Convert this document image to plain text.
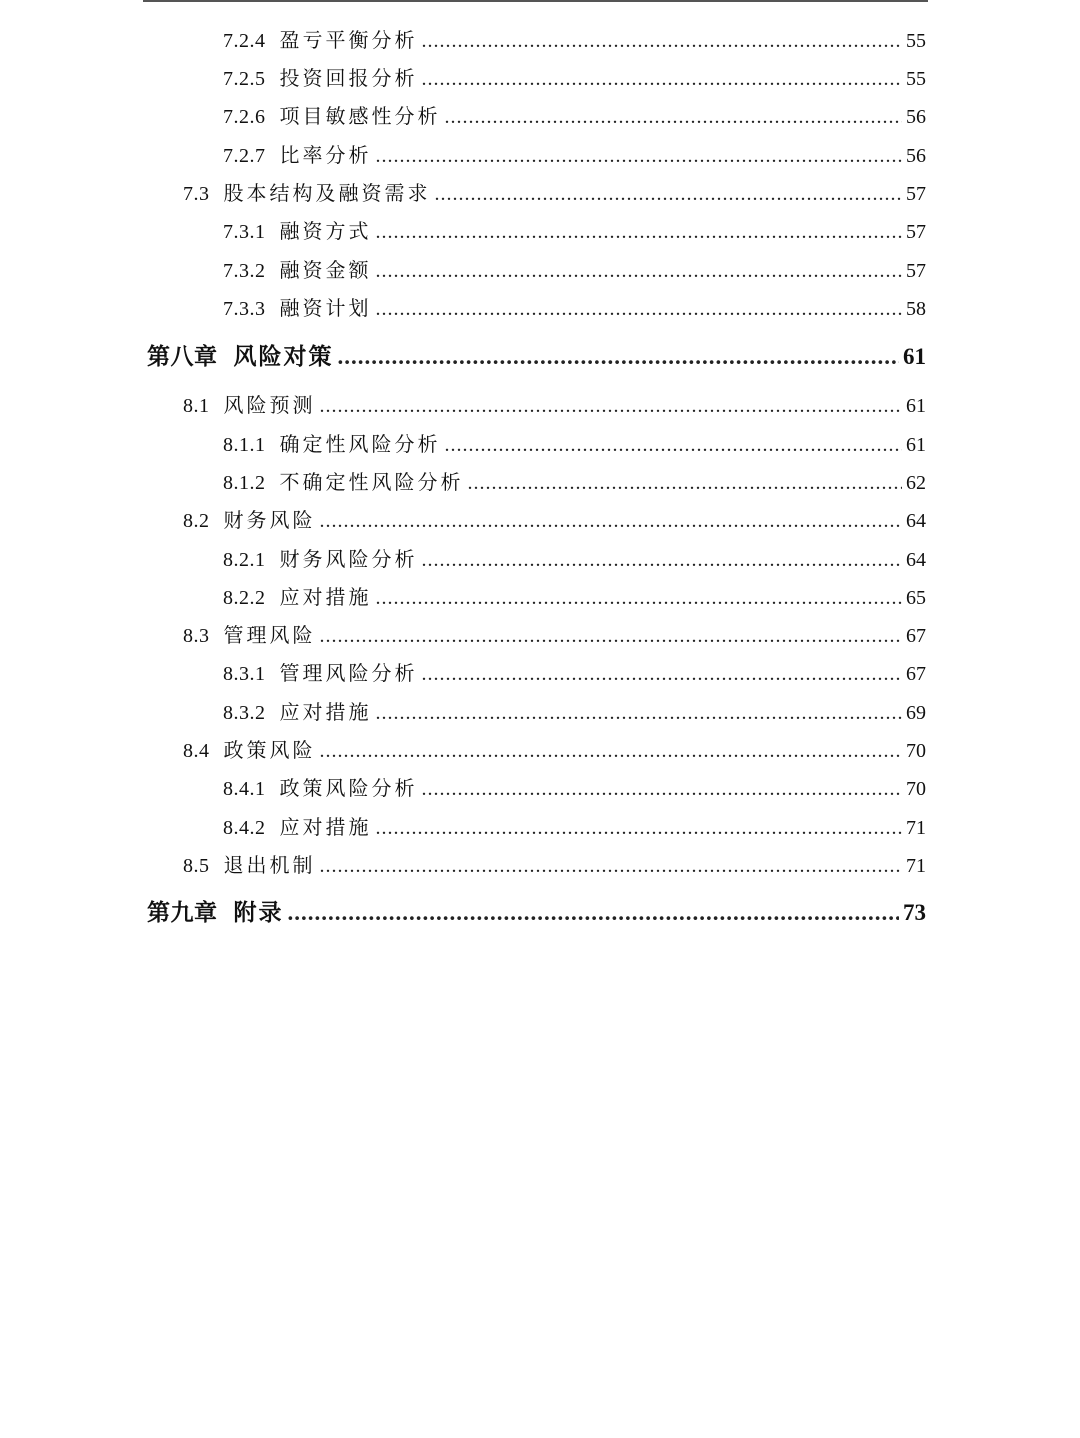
7.2.4 盈亏平衡分析 .....	55
7.2.5 投资回报分析 .....	55
7.2.6 项目敏感性分析 .....	56
7.2.7 比率分析 .....	56
7.3 股本结构及融资需求 .....	57
7.3.1 融资方式 .....	57
7.3.2 融资金额 .....	57
7.3.3 融资计划 .....	58
第八章 风险对策 .....	61
8.1 风险预测 .....	61
8.1.1 确定性风险分析 .....	61
8.1.2 不确定性风险分析 .....	62
8.2 财务风险 .....	64
8.2.1 财务风险分析 .....	64
8.2.2 应对措施 .....	65
8.3 管理风险 .....	67
8.3.1 管理风险分析 .....	67
8.3.2 应对措施 .....	69
8.4 政策风险 .....	70
8.4.1 政策风险分析 .....	70
8.4.2 应对措施 .....	71
8.5 退出机制 .....	71
第九章 附录 .....	73
